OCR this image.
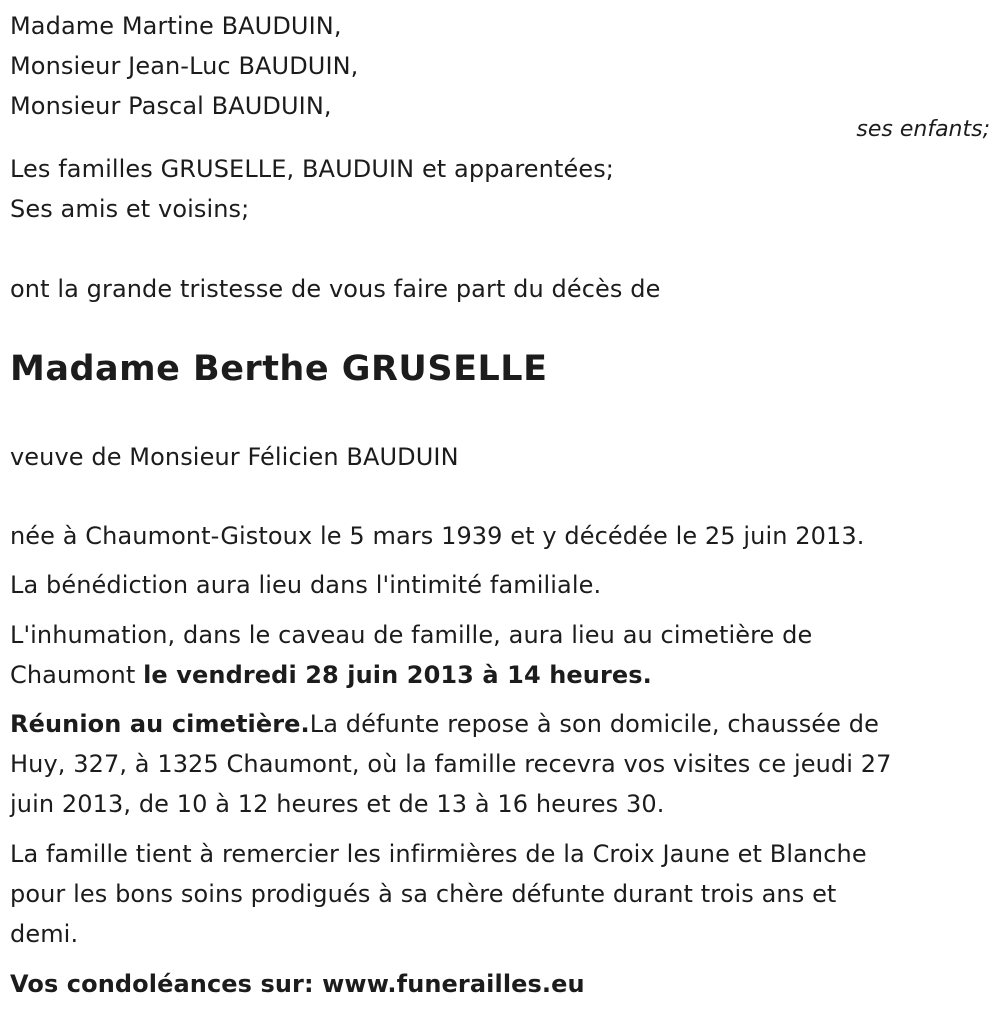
Madame Martine BAUDUIN,
Monsieur Jean-Luc BAUDUIN,
Monsieur Pascal BAUDUIN,
ses enfants;
Les familles GRUSELLE, BAUDUIN et apparentées;
Ses amis et voisins;
ont la grande tristesse de vous faire part du décès de
Madame Berthe GRUSELLE
veuve de Monsieur Félicien BAUDUIN
née à Chaumont-Gistoux le 5 mars 1939 et y décédée le 25 juin 2013.
La bénédiction aura lieu dans l'intimité familiale.
L'inhumation, dans le caveau de famille, aura lieu au cimetière de
Chaumont le vendredi 28 juin 2013 à 14 heures.
Réunion au cimetière.La défunte repose à son domicile, chaussée de
Huy, 327, à 1325 Chaumont, où la famille recevra vos visites ce jeudi 27
juin 2013, de 10 à 12 heures et de 13 à 16 heures 30.
La famille tient à remercier les infirmières de la Croix Jaune et Blanche
pour les bons soins prodigués à sa chère défunte durant trois ans et
demi.
Vos condoléances sur: www.funerailles.eu
